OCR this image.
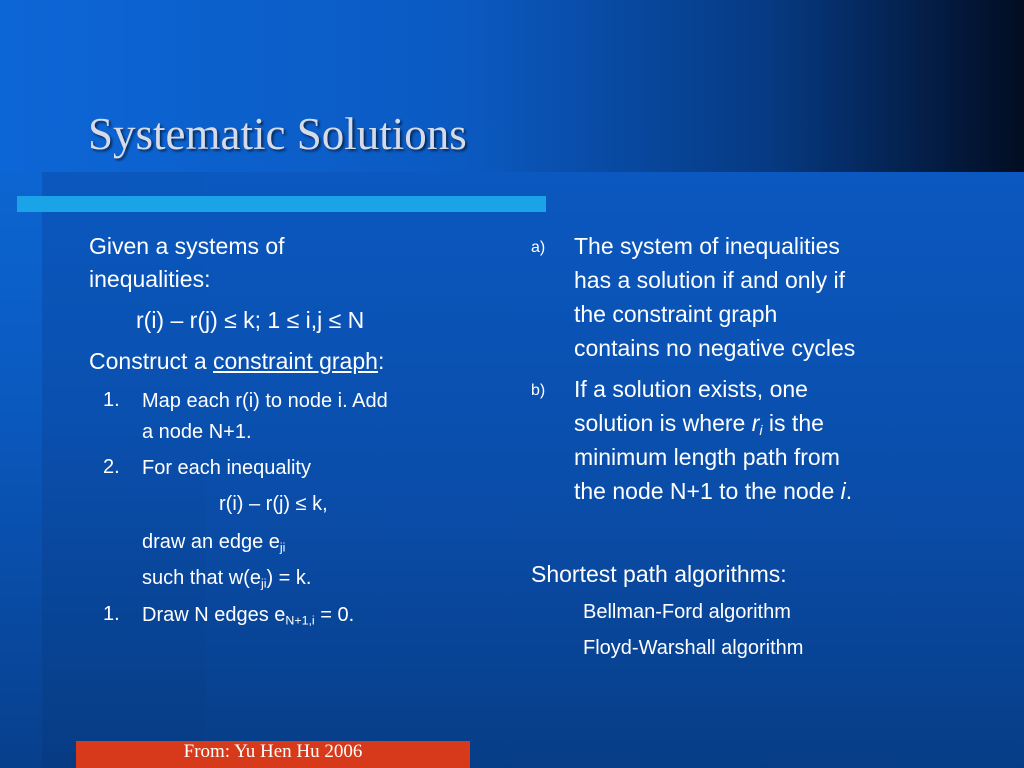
Systematic Solutions

Given a systems of

inequalities:

r(i) – r(j) ≤ k; 1 ≤ i,j ≤ N

Construct a constraint graph:

1. Map each r(i) to node i. Add

a node N+1.

2. For each inequality

r(i) – r(j) ≤ k,

draw an edge $e_{ji}$

such that $w(e_{ji}) = k$.

1. Draw N edges $e_{N+1,i} = 0$.

a) The system of inequalities

has a solution if and only if

the constraint graph

contains no negative cycles

b) If a solution exists, one

solution is where $r_i$ is the

minimum length path from

the node N+1 to the node i.

Shortest path algorithms:

Bellman-Ford algorithm

Floyd-Warshall algorithm

From: Yu Hen Hu 2006
